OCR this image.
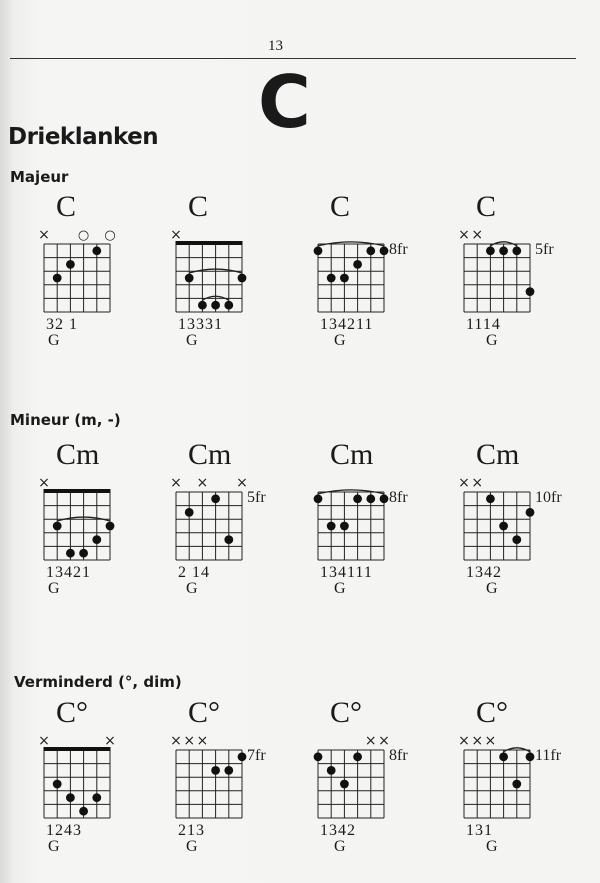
13
C
Drieklanken
Majeur
Mineur (m, -)
Verminderd (°, dim)
C
× ○ ○
32 1
G
C
×
13331
G
C
8fr
134211
G
C
× ×
5fr
1114
G
Cm
×
13421
G
Cm
× × ×
5fr
2 14
G
Cm
8fr
134111
G
Cm
× ×
10fr
1342
G
C°
×	×
1243
G
C°
× × ×
7fr
213
G
C°
× ×
8fr
1342
G
C°
× × ×
11fr
131
G
